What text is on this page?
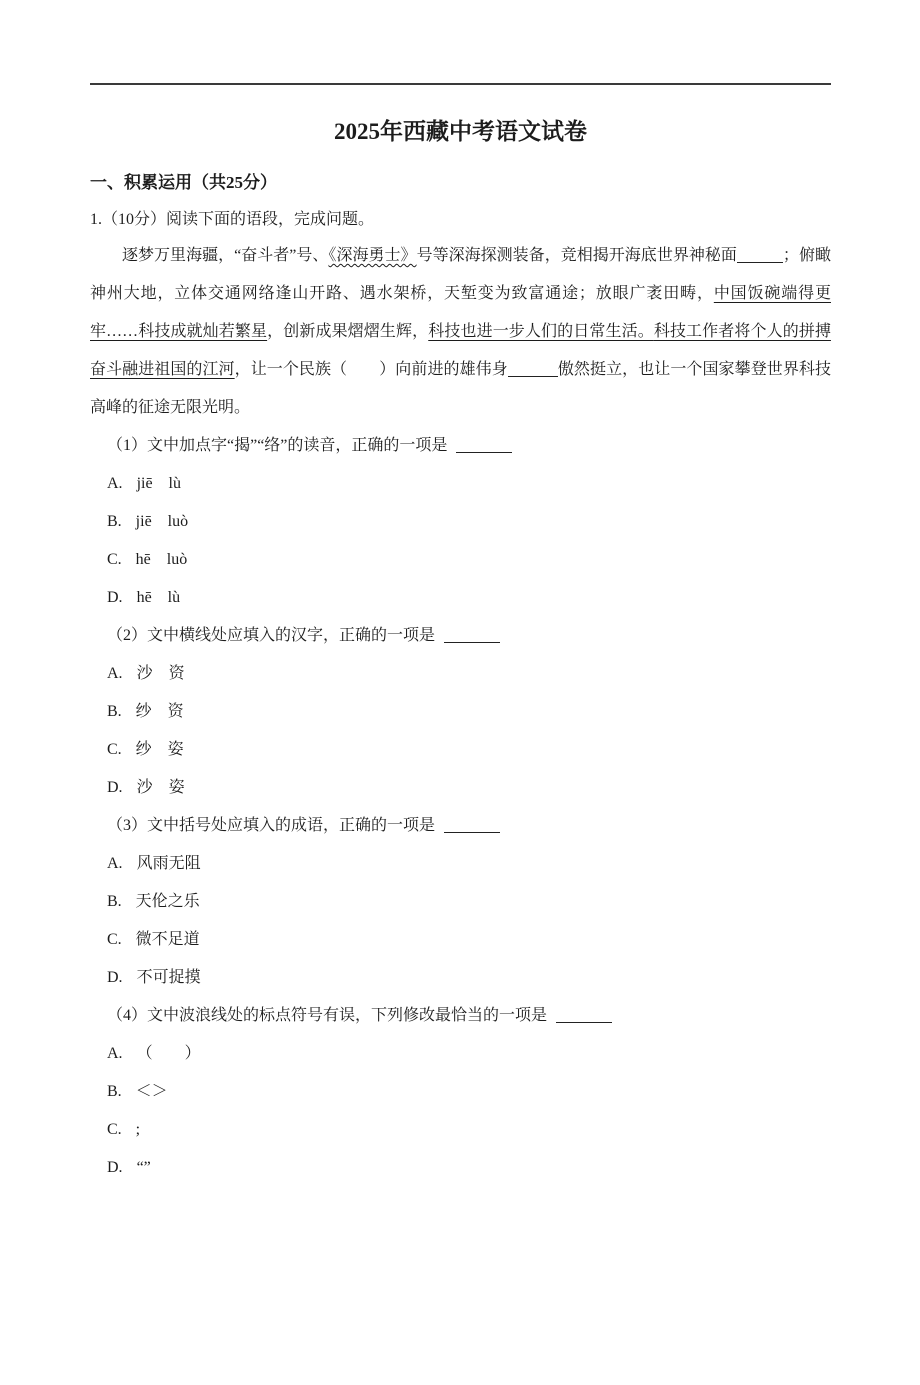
2025年西藏中考语文试卷
一、积累运用（共25分）

1.（10分）阅读下面的语段，完成问题。

逐梦万里海疆，“奋斗者”号、《深海勇士》号等深海探测装备，竞相揭开海底世界神秘面	；俯瞰
神州大地，立体交通网络逢山开路、遇水架桥，天堑变为致富通途；放眼广袤田畴，中国饭碗端得更
牢……科技成就灿若繁星，创新成果熠熠生辉，科技也进一步人们的日常生活。科技工作者将个人的拼搏
奋斗融进祖国的江河，让一个民族（　　）向前进的雄伟身	傲然挺立，也让一个国家攀登世界科技
高峰的征途无限光明。
（1）文中加点字“揭”“络”的读音，正确的一项是
A. jiē　lù
B. jiē　luò
C. hē　luò
D. hē　lù
（2）文中横线处应填入的汉字，正确的一项是
A. 沙　资
B. 纱　资
C. 纱　姿
D. 沙　姿
（3）文中括号处应填入的成语，正确的一项是
A. 风雨无阻
B. 天伦之乐
C. 微不足道
D. 不可捉摸
（4）文中波浪线处的标点符号有误，下列修改最恰当的一项是
A. （　　）
B. ＜＞
C. ;
D. “”
